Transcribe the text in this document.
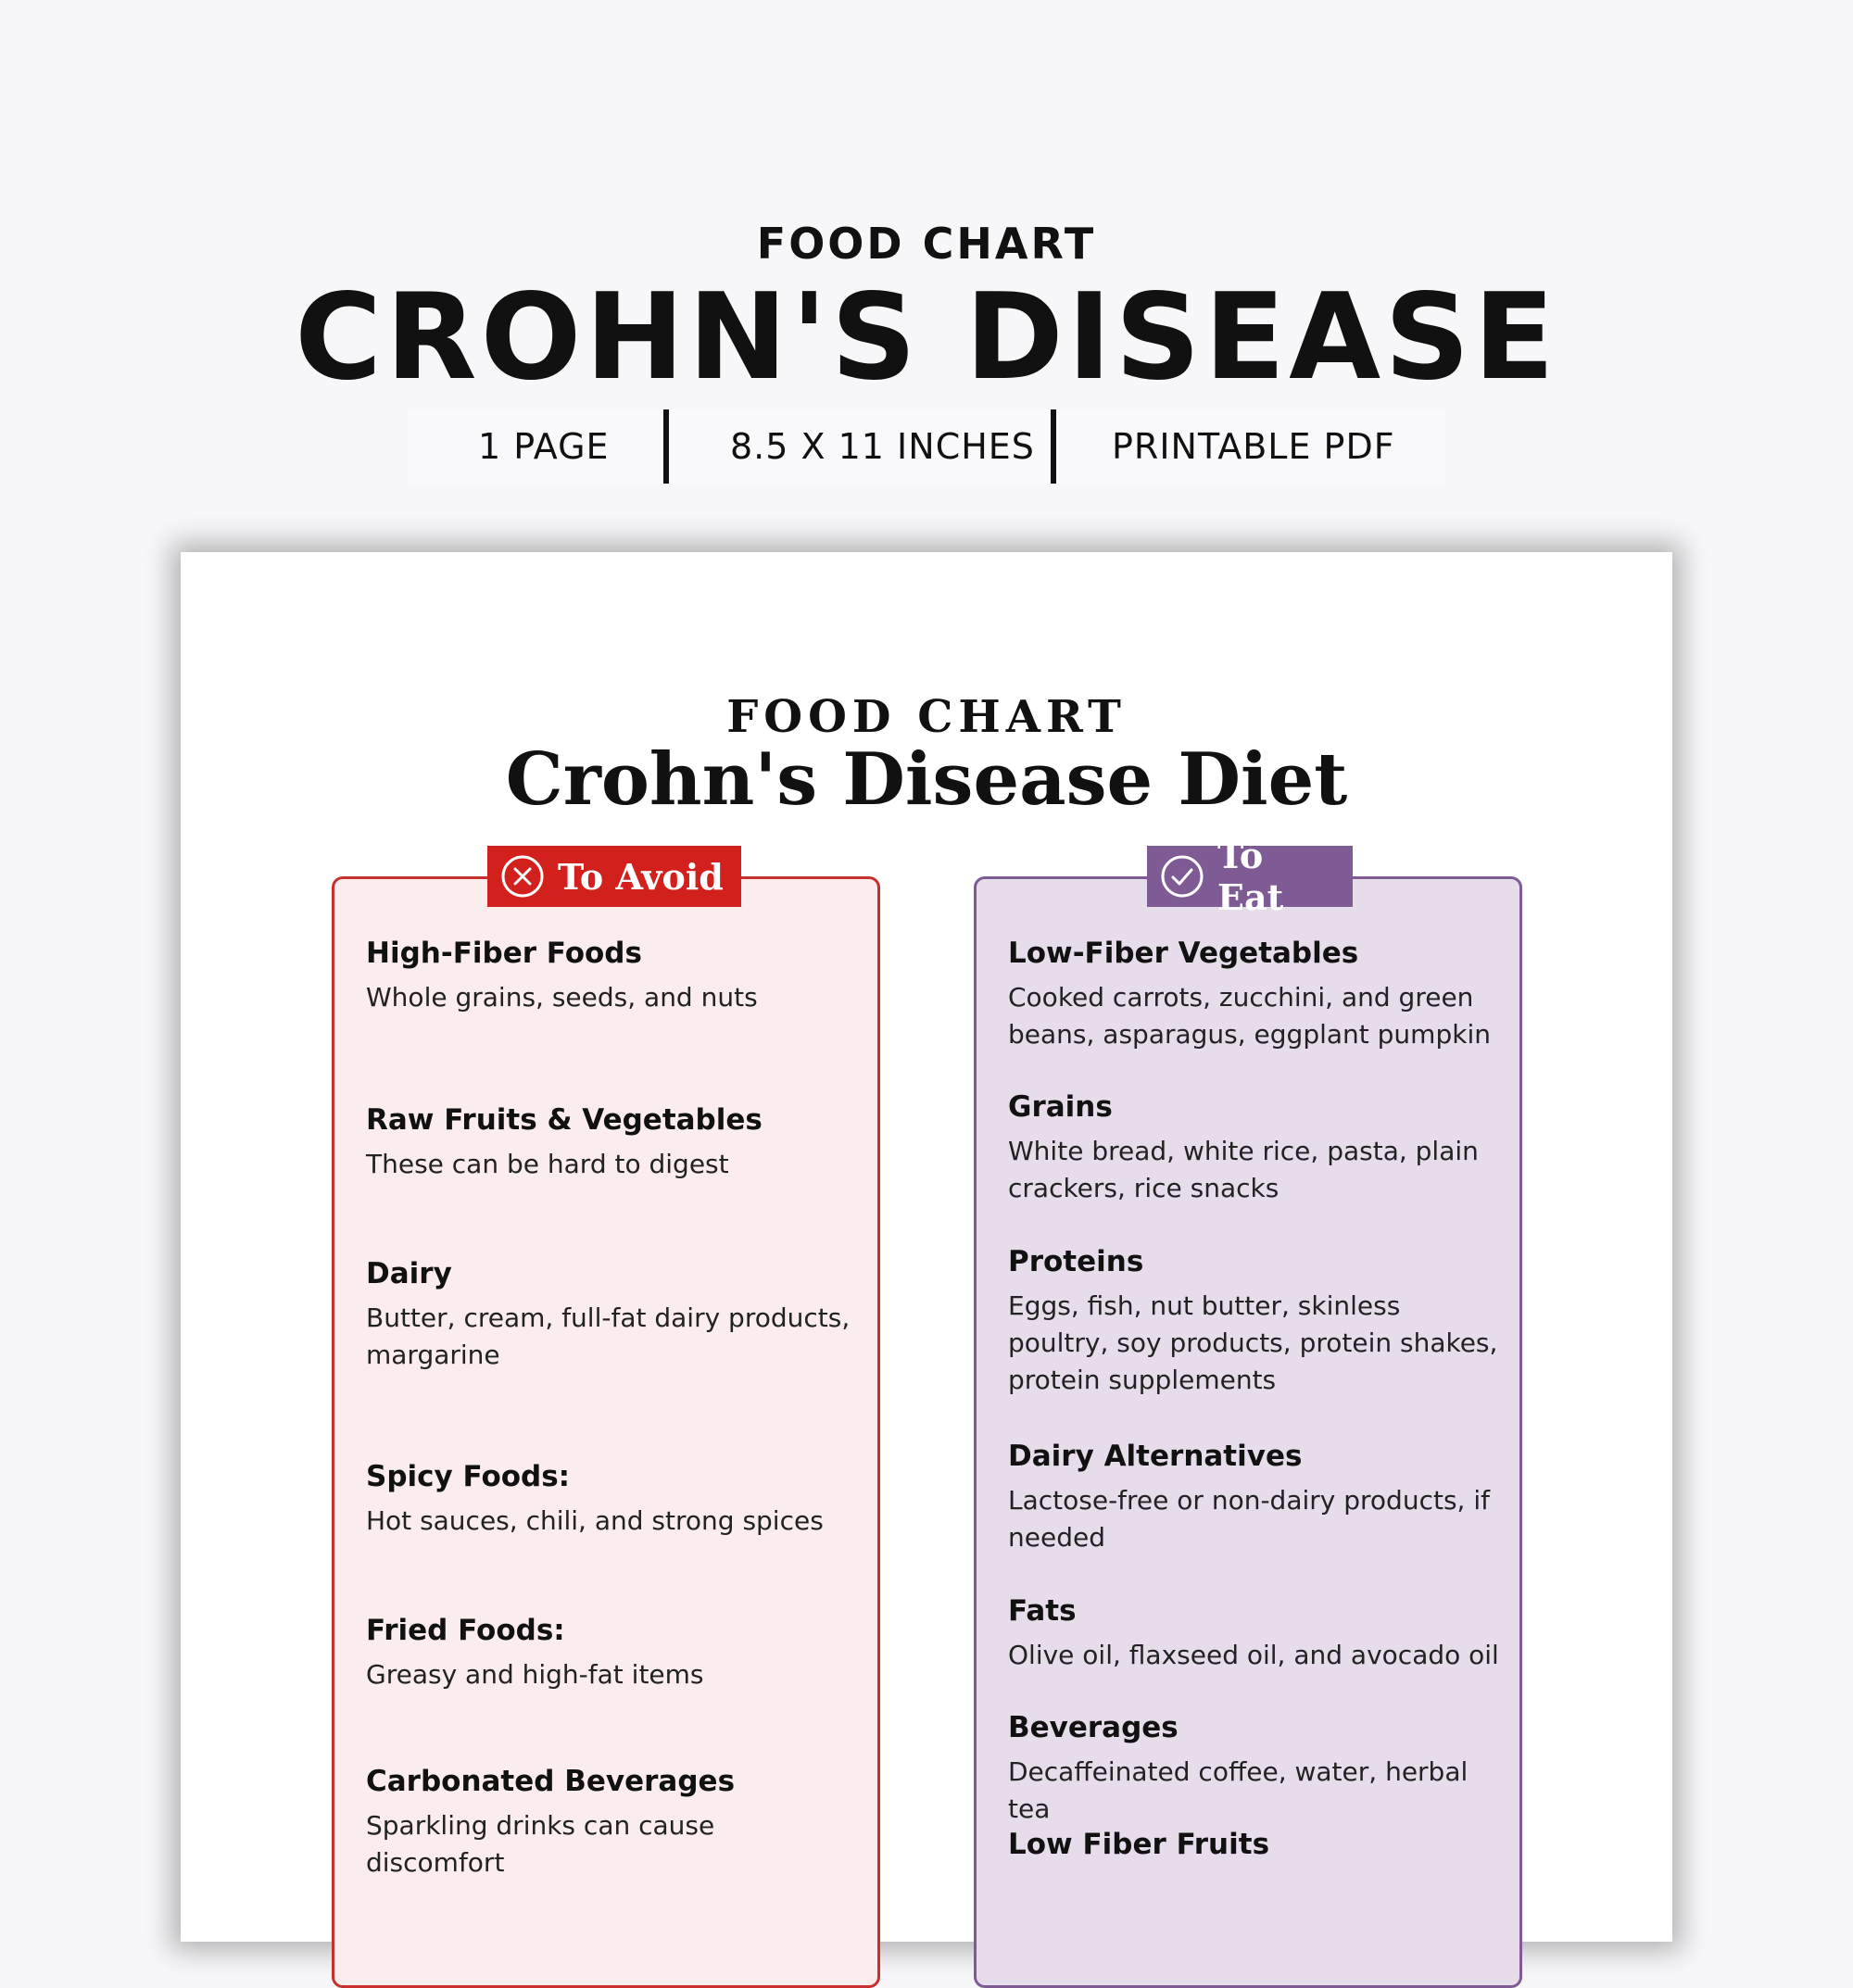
FOOD CHART
CROHN'S DISEASE
1 PAGE	8.5 X 11 INCHES PRINTABLE PDF
FOOD CHART
Crohn's Disease Diet
To Avoid
High-Fiber Foods
Whole grains, seeds, and nuts
Raw Fruits & Vegetables
These can be hard to digest
Dairy
Butter, cream, full-fat dairy products, margarine
Spicy Foods:
Hot sauces, chili, and strong spices
Fried Foods:
Greasy and high-fat items
Carbonated Beverages
Sparkling drinks can cause discomfort
To Eat
Low-Fiber Vegetables
Cooked carrots, zucchini, and green beans, asparagus, eggplant pumpkin
Grains
White bread, white rice, pasta, plain crackers, rice snacks
Proteins
Eggs, fish, nut butter, skinless poultry, soy products, protein shakes, protein supplements
Dairy Alternatives
Lactose-free or non-dairy products, if needed
Fats
Olive oil, flaxseed oil, and avocado oil
Beverages
Decaffeinated coffee, water, herbal tea
Low Fiber Fruits
